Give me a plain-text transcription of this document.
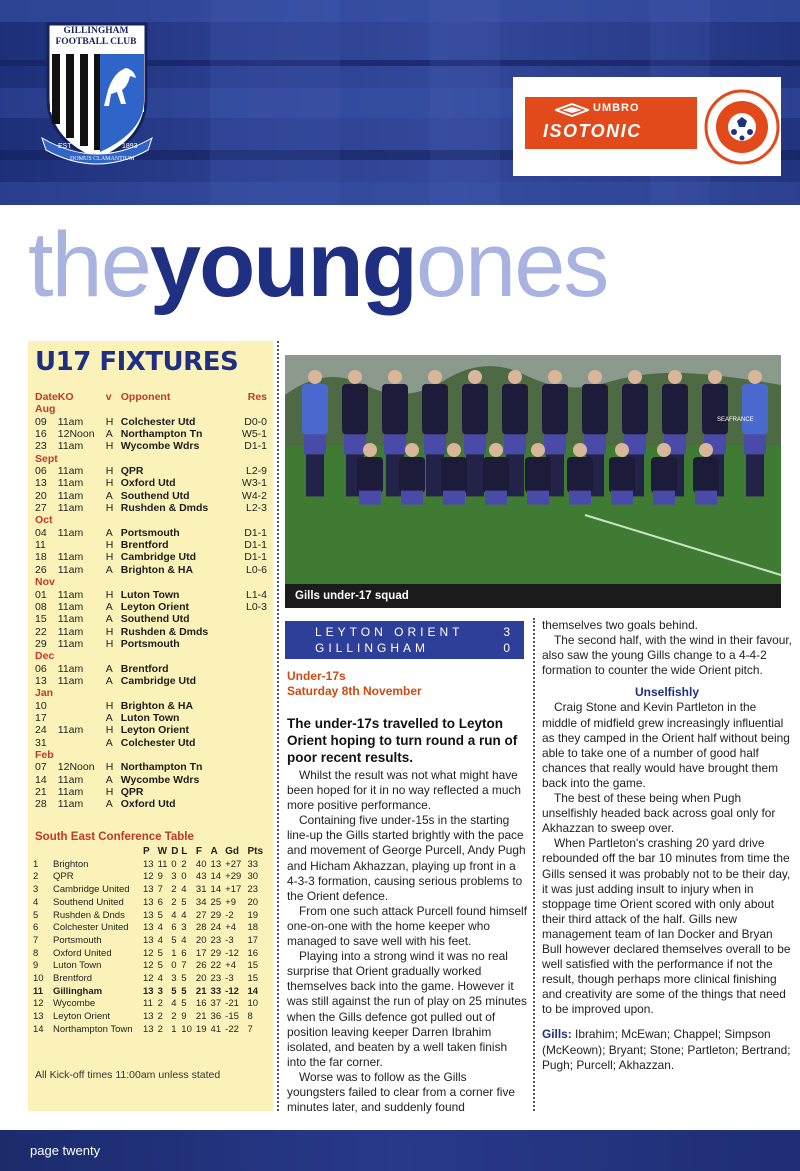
EST	1893
DOMUS CLAMANTIUM
GILLINGHAM FOOTBALL CLUB
UMBRO
ISOTONIC
theyoungones
U17 FIXTURES
Date	KO	v	Opponent	Res
Aug				
09	11am	H	Colchester Utd	D0-0
16	12Noon	A	Northampton Tn	W5-1
23	11am	H	Wycombe Wdrs	D1-1
Sept				
06	11am	H	QPR	L2-9
13	11am	H	Oxford Utd	W3-1
20	11am	A	Southend Utd	W4-2
27	11am	H	Rushden & Dmds	L2-3
Oct				
04	11am	A	Portsmouth	D1-1
11		H	Brentford	D1-1
18	11am	H	Cambridge Utd	D1-1
26	11am	A	Brighton & HA	L0-6
Nov				
01	11am	H	Luton Town	L1-4
08	11am	A	Leyton Orient	L0-3
15	11am	A	Southend Utd	
22	11am	H	Rushden & Dmds	
29	11am	H	Portsmouth	
Dec				
06	11am	A	Brentford	
13	11am	A	Cambridge Utd	
Jan				
10		H	Brighton & HA	
17		A	Luton Town	
24	11am	H	Leyton Orient	
31		A	Colchester Utd	
Feb				
07	12Noon	H	Northampton Tn	
14	11am	A	Wycombe Wdrs	
21	11am	H	QPR	
28	11am	A	Oxford Utd	
South East Conference Table
		P	W	D	L	F	A	Gd	Pts
1	Brighton	13	11	0	2	40	13	+27	33
2	QPR	12	9	3	0	43	14	+29	30
3	Cambridge United	13	7	2	4	31	14	+17	23
4	Southend United	13	6	2	5	34	25	+9	20
5	Rushden & Dnds	13	5	4	4	27	29	-2	19
6	Colchester United	13	4	6	3	28	24	+4	18
7	Portsmouth	13	4	5	4	20	23	-3	17
8	Oxford United	12	5	1	6	17	29	-12	16
9	Luton Town	12	5	0	7	26	22	+4	15
10	Brentford	12	4	3	5	20	23	-3	15
11	Gillingham	13	3	5	5	21	33	-12	14
12	Wycombe	11	2	4	5	16	37	-21	10
13	Leyton Orient	13	2	2	9	21	36	-15	8
14	Northampton Town	13	2	1	10	19	41	-22	7
All Kick-off times 11:00am unless stated
SEAFRANCE
Gills under-17 squad
LEYTON ORIENT	3
GILLINGHAM	0
Under-17s
Saturday 8th November
The under-17s travelled to Leyton Orient hoping to turn round a run of poor recent results.

Whilst the result was not what might have been hoped for it in no way reflected a much more positive performance.

Containing five under-15s in the starting line-up the Gills started brightly with the pace and movement of George Purcell, Andy Pugh and Hicham Akhazzan, playing up front in a 4-3-3 formation, causing serious problems to the Orient defence.

From one such attack Purcell found himself one-on-one with the home keeper who managed to save well with his feet.

Playing into a strong wind it was no real surprise that Orient gradually worked themselves back into the game. However it was still against the run of play on 25 minutes when the Gills defence got pulled out of position leaving keeper Darren Ibrahim isolated, and beaten by a well taken finish into the far corner.

Worse was to follow as the Gills youngsters failed to clear from a corner five minutes later, and suddenly found

themselves two goals behind.

The second half, with the wind in their favour, also saw the young Gills change to a 4-4-2 formation to counter the wide Orient pitch.

Unselfishly

Craig Stone and Kevin Partleton in the middle of midfield grew increasingly influential as they camped in the Orient half without being able to take one of a number of good half chances that really would have brought them back into the game.

The best of these being when Pugh unselfishly headed back across goal only for Akhazzan to sweep over.

When Partleton's crashing 20 yard drive rebounded off the bar 10 minutes from time the Gills sensed it was probably not to be their day, it was just adding insult to injury when in stoppage time Orient scored with only about their third attack of the half. Gills new management team of Ian Docker and Bryan Bull however declared themselves overall to be well satisfied with the performance if not the result, though perhaps more clinical finishing and creativity are some of the things that need to be improved upon.

Gills: Ibrahim; McEwan; Chappel; Simpson (McKeown); Bryant; Stone; Partleton; Bertrand; Pugh; Purcell; Akhazzan.

page twenty
